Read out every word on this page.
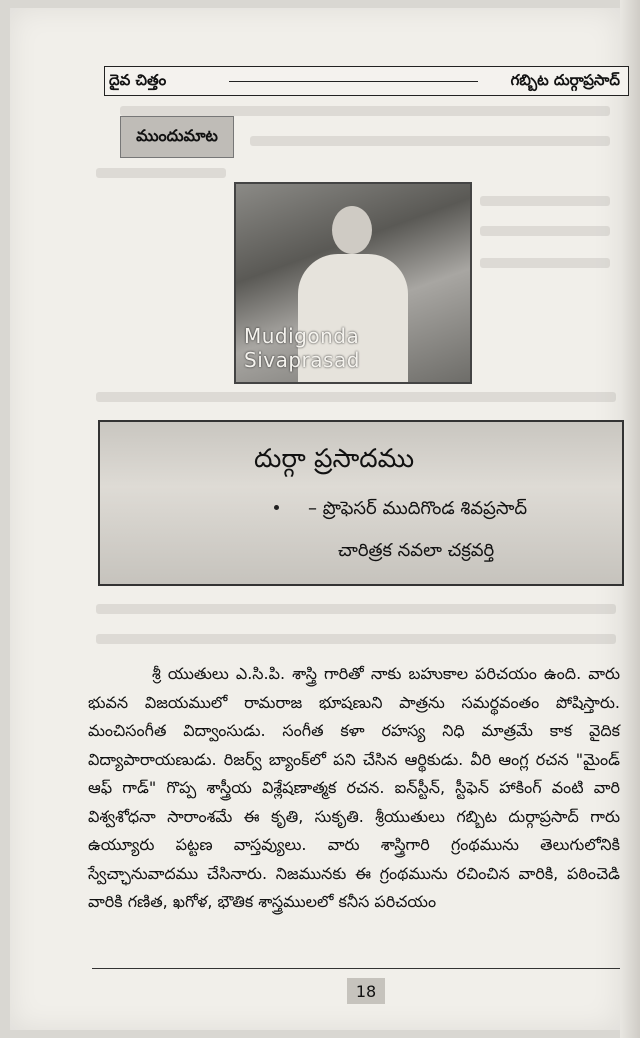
దైవ చిత్తం	గబ్బిట దుర్గాప్రసాద్
ముందుమాట
Mudigonda Sivaprasad
దుర్గా ప్రసాదము
– ప్రొఫెసర్ ముదిగొండ శివప్రసాద్
చారిత్రక నవలా చక్రవర్తి

శ్రీ యుతులు ఎ.సి.పి. శాస్త్రి గారితో నాకు బహుకాల పరిచయం ఉంది. వారు భువన విజయములో రామరాజ భూషణుని పాత్రను సమర్థవంతం పోషిస్తారు. మంచిసంగీత విద్వాంసుడు. సంగీత కళా రహస్య నిధి మాత్రమే కాక వైదిక విద్యాపారాయణుడు. రిజర్వ్ బ్యాంక్‌లో పని చేసిన ఆర్థికుడు. వీరి ఆంగ్ల రచన "మైండ్ ఆఫ్ గాడ్" గొప్ప శాస్త్రీయ విశ్లేషణాత్మక రచన. ఐన్‌స్టీన్, స్టీఫెన్ హాకింగ్ వంటి వారి విశ్వశోధనా సారాంశమే ఈ కృతి, సుకృతి. శ్రీయుతులు గబ్బిట దుర్గాప్రసాద్ గారు ఉయ్యూరు పట్టణ వాస్తవ్యులు. వారు శాస్త్రిగారి గ్రంథమును తెలుగులోనికి స్వేచ్ఛానువాదము చేసినారు. నిజమునకు ఈ గ్రంథమును రచించిన వారికి, పఠించెడి వారికి గణిత, ఖగోళ, భౌతిక శాస్త్రములలో కనీస పరిచయం

18
